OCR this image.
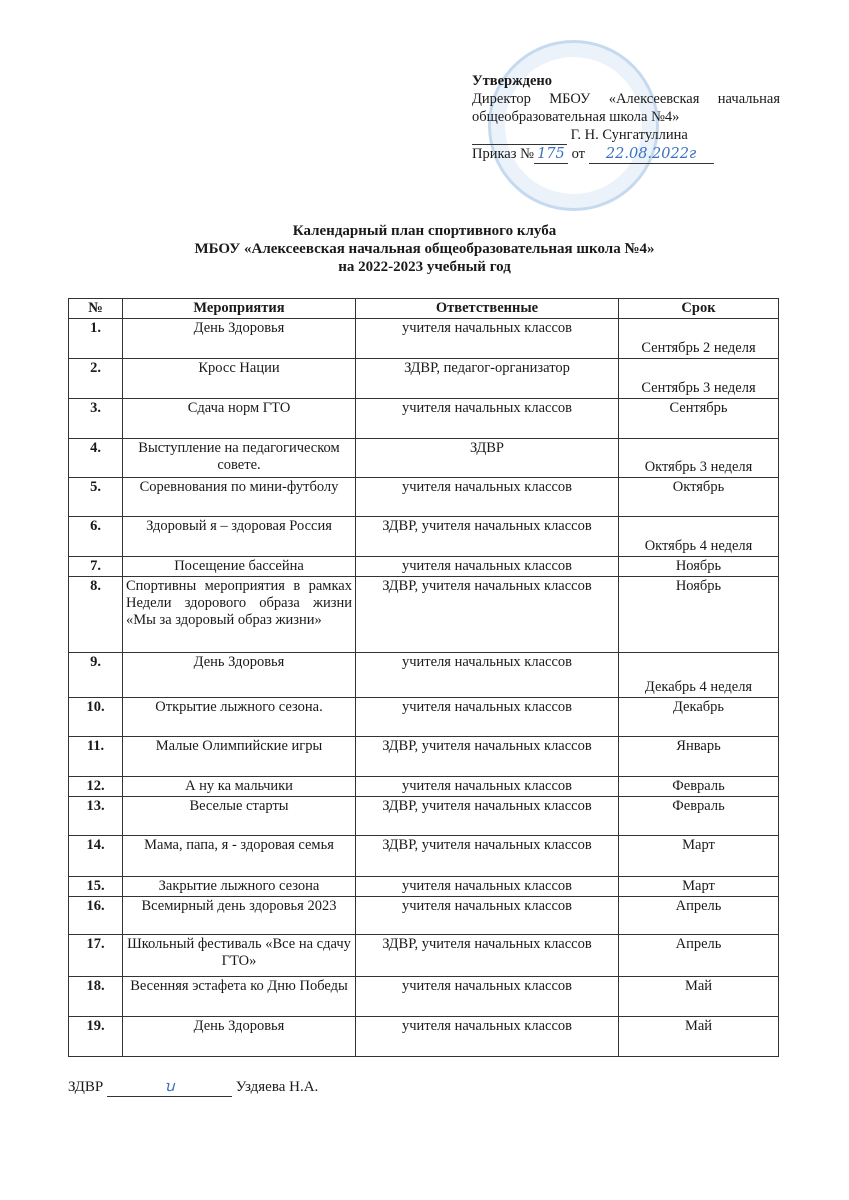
Утверждено
Директор МБОУ «Алексеевская начальная
общеобразовательная школа №4»
Г. Н. Сунгатуллина
Приказ № 175 от 22.08.2022г
Календарный план спортивного клуба
МБОУ «Алексеевская начальная общеобразовательная школа №4»
на 2022-2023 учебный год
№	Мероприятия	Ответственные	Срок
1.	День Здоровья	учителя начальных классов	Сентябрь 2 неделя
2.	Кросс Нации	ЗДВР, педагог-организатор	Сентябрь 3 неделя
3.	Сдача норм ГТО	учителя начальных классов	Сентябрь
4.	Выступление на педагогическом совете.	ЗДВР	Октябрь 3 неделя
5.	Соревнования по мини-футболу	учителя начальных классов	Октябрь
6.	Здоровый я – здоровая Россия	ЗДВР, учителя начальных классов	Октябрь 4 неделя
7.	Посещение бассейна	учителя начальных классов	Ноябрь
8.	Спортивны мероприятия в рамках Недели здорового образа жизни «Мы за здоровый образ жизни»	ЗДВР, учителя начальных классов	Ноябрь
9.	День Здоровья	учителя начальных классов	Декабрь 4 неделя
10.	Открытие лыжного сезона.	учителя начальных классов	Декабрь
11.	Малые Олимпийские игры	ЗДВР, учителя начальных классов	Январь
12.	А ну ка мальчики	учителя начальных классов	Февраль
13.	Веселые старты	ЗДВР, учителя начальных классов	Февраль
14.	Мама, папа, я - здоровая семья	ЗДВР, учителя начальных классов	Март
15.	Закрытие лыжного сезона	учителя начальных классов	Март
16.	Всемирный день здоровья 2023	учителя начальных классов	Апрель
17.	Школьный фестиваль «Все на сдачу ГТО»	ЗДВР, учителя начальных классов	Апрель
18.	Весенняя эстафета ко Дню Победы	учителя начальных классов	Май
19.	День Здоровья	учителя начальных классов	Май
ЗДВР	ꭒ	Уздяева Н.А.
